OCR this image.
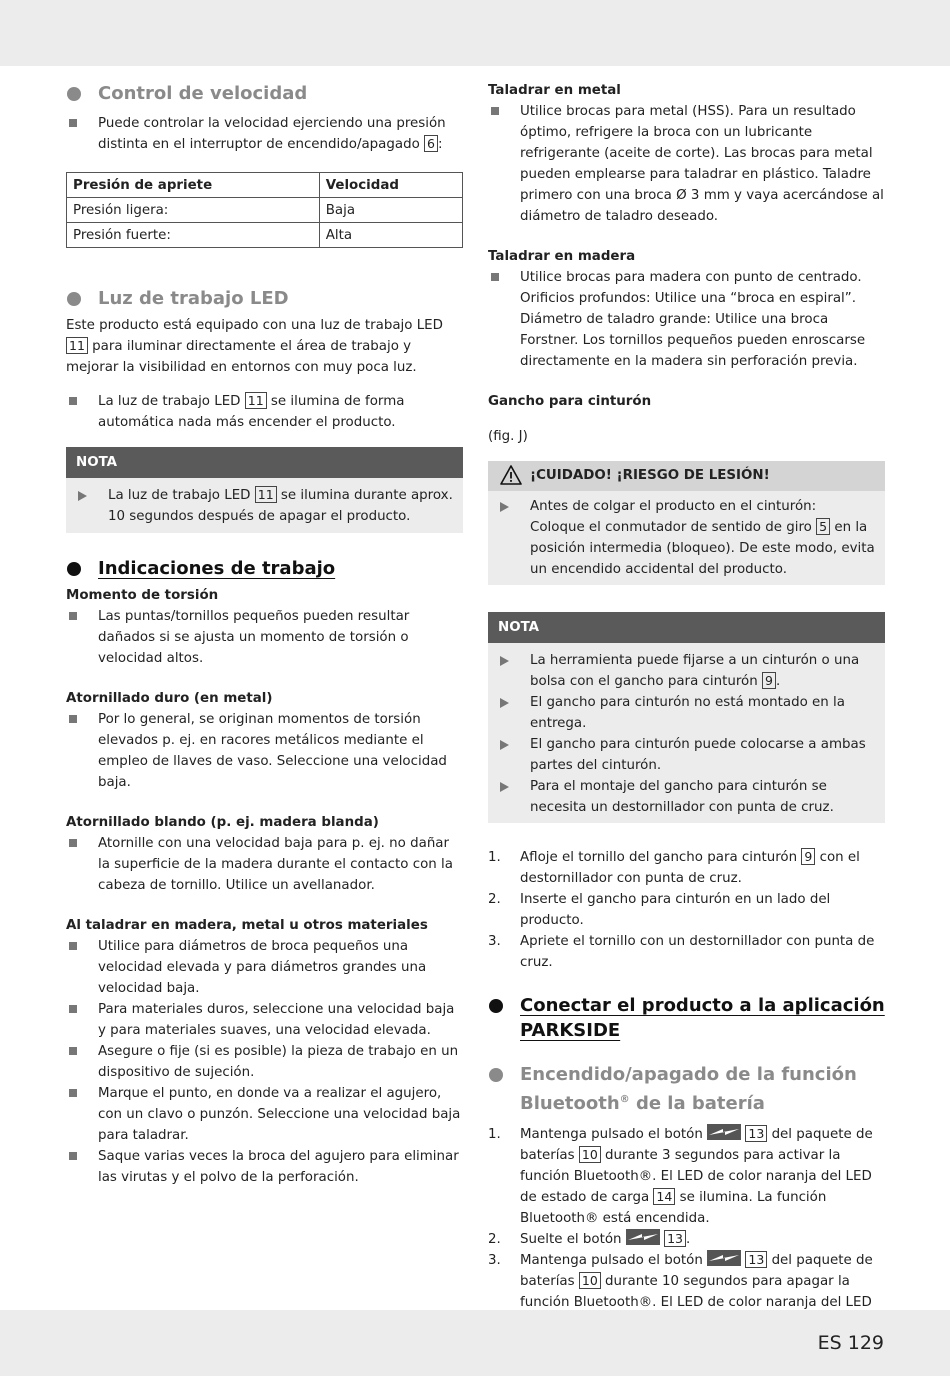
Control de velocidad
Puede controlar la velocidad ejerciendo una presión distinta en el interruptor de encendido/apagado 6 :
Presión de apriete	Velocidad
Presión ligera:	Baja
Presión fuerte:	Alta
Luz de trabajo LED

Este producto está equipado con una luz de trabajo LED 11 para iluminar directamente el área de trabajo y mejorar la visibilidad en entornos con muy poca luz.

La luz de trabajo LED 11 se ilumina de forma automática nada más encender el producto.
NOTA
La luz de trabajo LED 11 se ilumina durante aprox. 10 segundos después de apagar el producto.
Indicaciones de trabajo

Momento de torsión

Las puntas/tornillos pequeños pueden resultar dañados si se ajusta un momento de torsión o velocidad altos.

Atornillado duro (en metal)

Por lo general, se originan momentos de torsión elevados p. ej. en racores metálicos mediante el empleo de llaves de vaso. Seleccione una velocidad baja.

Atornillado blando (p. ej. madera blanda)

Atornille con una velocidad baja para p. ej. no dañar la superficie de la madera durante el contacto con la cabeza de tornillo. Utilice un avellanador.

Al taladrar en madera, metal u otros materiales

Utilice para diámetros de broca pequeños una velocidad elevada y para diámetros grandes una velocidad baja.
Para materiales duros, seleccione una velocidad baja y para materiales suaves, una velocidad elevada.
Asegure o fije (si es posible) la pieza de trabajo en un dispositivo de sujeción.
Marque el punto, en donde va a realizar el agujero, con un clavo o punzón. Seleccione una velocidad baja para taladrar.
Saque varias veces la broca del agujero para eliminar las virutas y el polvo de la perforación.

Taladrar en metal

Utilice brocas para metal (HSS). Para un resultado óptimo, refrigere la broca con un lubricante refrigerante (aceite de corte). Las brocas para metal pueden emplearse para taladrar en plástico. Taladre primero con una broca Ø 3 mm y vaya acercándose al diámetro de taladro deseado.

Taladrar en madera

Utilice brocas para madera con punto de centrado. Orificios profundos: Utilice una “broca en espiral”. Diámetro de taladro grande: Utilice una broca Forstner. Los tornillos pequeños pueden enroscarse directamente en la madera sin perforación previa.

Gancho para cinturón

(fig. J)

¡CUIDADO! ¡RIESGO DE LESIÓN!
Antes de colgar el producto en el cinturón: Coloque el conmutador de sentido de giro 5 en la posición intermedia (bloqueo). De este modo, evita un encendido accidental del producto.
NOTA
La herramienta puede fijarse a un cinturón o una bolsa con el gancho para cinturón 9 .
El gancho para cinturón no está montado en la entrega.
El gancho para cinturón puede colocarse a ambas partes del cinturón.
Para el montaje del gancho para cinturón se necesita un destornillador con punta de cruz.
1. Afloje el tornillo del gancho para cinturón 9 con el destornillador con punta de cruz.
2. Inserte el gancho para cinturón en un lado del producto.
3. Apriete el tornillo con un destornillador con punta de cruz.
Conectar el producto a la aplicación PARKSIDE
Encendido/apagado de la función Bluetooth® de la batería
1. Mantenga pulsado el botón	13 del paquete de baterías 10 durante 3 segundos para activar la función Bluetooth®. El LED de color naranja del LED de estado de carga 14 se ilumina. La función Bluetooth® está encendida.
2. Suelte el botón	13 .
3. Mantenga pulsado el botón	13 del paquete de baterías 10 durante 10 segundos para apagar la función Bluetooth®. El LED de color naranja del LED
ES 129
